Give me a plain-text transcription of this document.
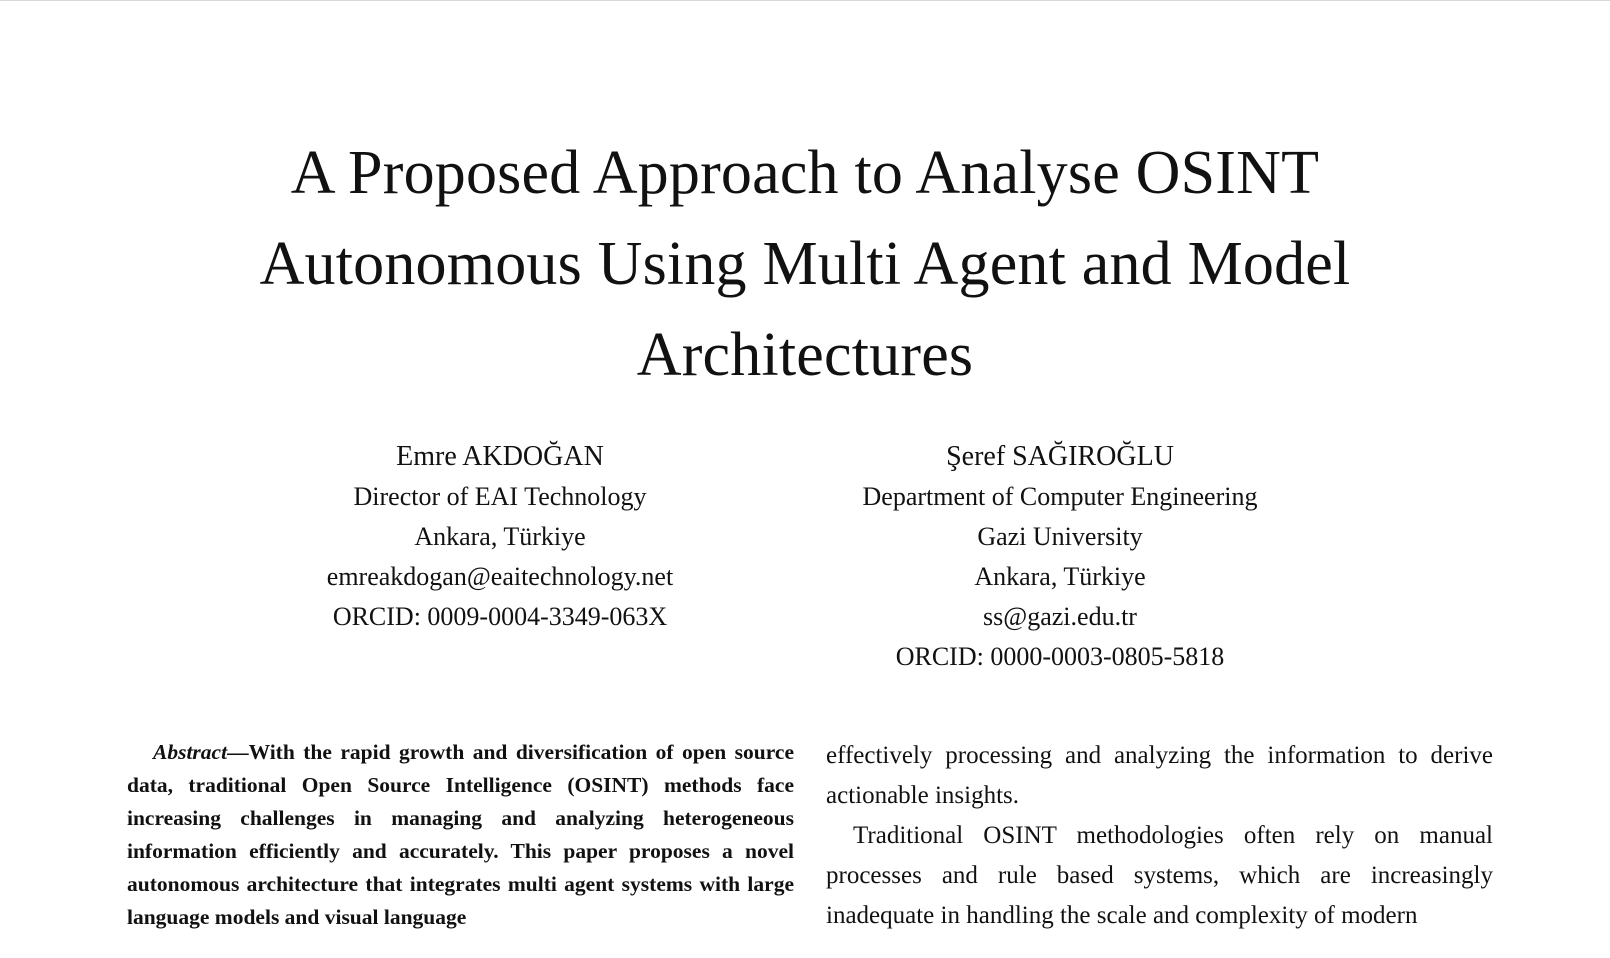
A Proposed Approach to Analyse OSINT
Autonomous Using Multi Agent and Model
Architectures
Emre AKDOĞAN
Director of EAI Technology
Ankara, Türkiye
emreakdogan@eaitechnology.net
ORCID: 0009-0004-3349-063X
Şeref SAĞIROĞLU
Department of Computer Engineering
Gazi University
Ankara, Türkiye
ss@gazi.edu.tr
ORCID: 0000-0003-0805-5818

Abstract—With the rapid growth and diversification of open source data, traditional Open Source Intelligence (OSINT) methods face increasing challenges in managing and analyzing heterogeneous information efficiently and accurately. This paper proposes a novel autonomous architecture that integrates multi agent systems with large language models and visual language

effectively processing and analyzing the information to derive actionable insights.

Traditional OSINT methodologies often rely on manual processes and rule based systems, which are increasingly inadequate in handling the scale and complexity of modern
